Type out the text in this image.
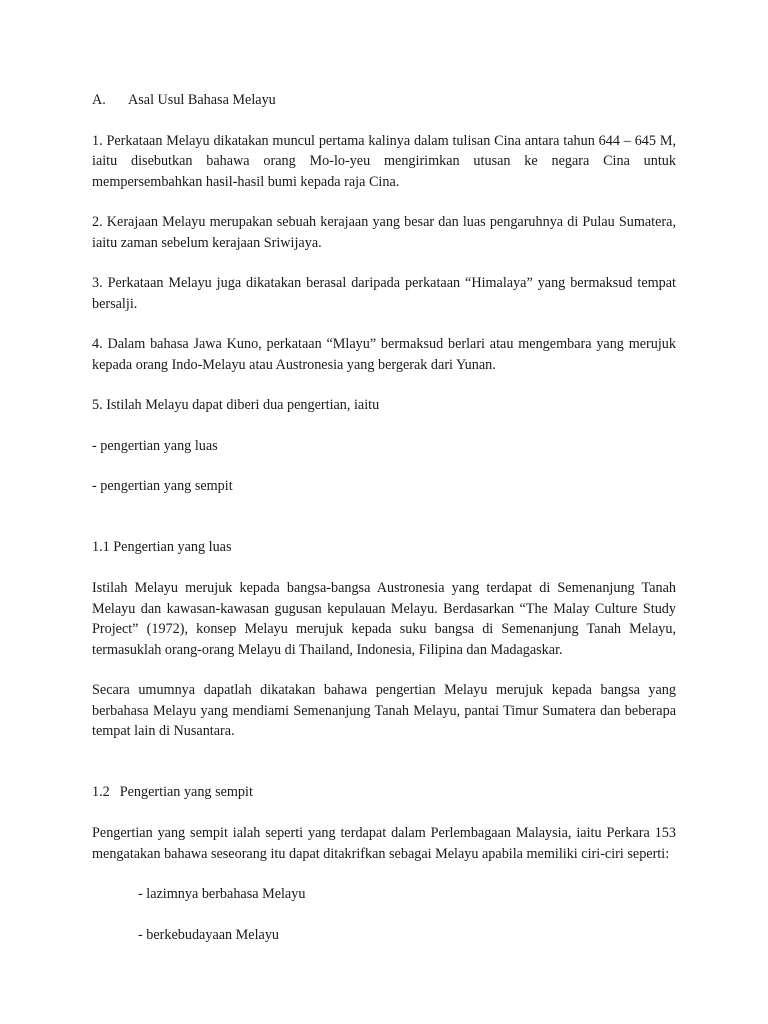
A. Asal Usul Bahasa Melayu

1. Perkataan Melayu dikatakan muncul pertama kalinya dalam tulisan Cina antara tahun 644 – 645 M, iaitu disebutkan bahawa orang Mo-lo-yeu mengirimkan utusan ke negara Cina untuk mempersembahkan hasil-hasil bumi kepada raja Cina.

2. Kerajaan Melayu merupakan sebuah kerajaan yang besar dan luas pengaruhnya di Pulau Sumatera, iaitu zaman sebelum kerajaan Sriwijaya.

3. Perkataan Melayu juga dikatakan berasal daripada perkataan “Himalaya” yang bermaksud tempat bersalji.

4. Dalam bahasa Jawa Kuno, perkataan “Mlayu” bermaksud berlari atau mengembara yang merujuk kepada orang Indo-Melayu atau Austronesia yang bergerak dari Yunan.

5. Istilah Melayu dapat diberi dua pengertian, iaitu

- pengertian yang luas

- pengertian yang sempit

1.1 Pengertian yang luas

Istilah Melayu merujuk kepada bangsa-bangsa Austronesia yang terdapat di Semenanjung Tanah Melayu dan kawasan-kawasan gugusan kepulauan Melayu. Berdasarkan “The Malay Culture Study Project” (1972), konsep Melayu merujuk kepada suku bangsa di Semenanjung Tanah Melayu, termasuklah orang-orang Melayu di Thailand, Indonesia, Filipina dan Madagaskar.

Secara umumnya dapatlah dikatakan bahawa pengertian Melayu merujuk kepada bangsa yang berbahasa Melayu yang mendiami Semenanjung Tanah Melayu, pantai Timur Sumatera dan beberapa tempat lain di Nusantara.

1.2 Pengertian yang sempit

Pengertian yang sempit ialah seperti yang terdapat dalam Perlembagaan Malaysia, iaitu Perkara 153 mengatakan bahawa seseorang itu dapat ditakrifkan sebagai Melayu apabila memiliki ciri-ciri seperti:

- lazimnya berbahasa Melayu

- berkebudayaan Melayu
